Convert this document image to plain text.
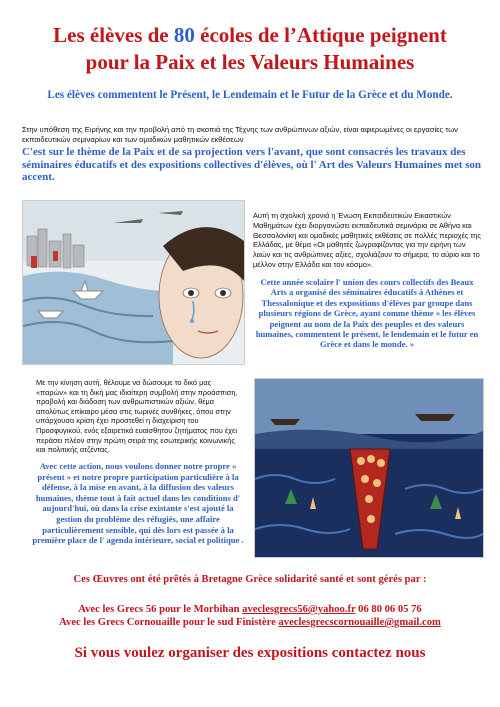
Les élèves de 80 écoles de l’Attique peignent
pour la Paix et les Valeurs Humaines
Les élèves commentent le Présent, le Lendemain et le Futur de la Grèce et du Monde.

Στην υπόθεση της Ειρήνης και την προβολή από τη σκοπιά της Τέχνης των ανθρώπινων αξιών, είναι αφιερωμένες οι εργασίες των εκπαιδευτικών σεμιναρίων και των ομαδικών μαθητικών εκθέσεων

C'est sur le thème de la Paix et de sa projection vers l'avant, que sont consacrés les travaux des séminaires éducatifs et des expositions collectives d'élèves, où l' Art des Valeurs Humaines met son accent.

Αυτή τη σχολική χρονιά η Ένωση Εκπαιδευτικών Εικαστικών Μαθημάτων έχει διοργανώσει εκπαιδευτικά σεμινάρια σε Αθήνα και Θεσσαλονίκη και ομαδικές μαθητικές εκθέσεις σε πολλές περιοχές της Ελλάδας, με θέμα «Οι μαθητές ζωγραφίζοντας για την ειρήνη των λαών και τις ανθρώπινες αξίες, σχολιάζουν το σήμερα, το αύριο και το μέλλον στην Ελλάδα και τον κόσμο».

Cette année scolaire l' union des cours collectifs des Beaux Arts a organisé des séminaires éducatifs à Athènes et Thessalonique et des expositions d'élèves par groupe dans plusieurs régions de Grèce, ayant comme thème « les élèves peignent au nom de la Paix des peuples et des valeurs humaines, commentent le présent, le lendemain et le futur en Grèce et dans le monde. »

Με την κίνηση αυτή, θέλουμε να δώσουμε το δικό μας «παρών» και τη δική μας ιδιαίτερη συμβολή στην προάσπιση, προβολή και διάδοση των ανθρωπιστικών αξιών, θέμα απολύτως επίκαιρο μέσα στις τωρινές συνθήκες, όπου στην υπάρχουσα κρίση έχει προστεθεί η διαχείριση του Προσφυγικού, ενός εξαιρετικά ευαίσθητου ζητήματος που έχει περάσει πλέον στην πρώτη σειρά της εσωτερικής κοινωνικής και πολιτικής ατζέντας.

Avec cette action, nous voulons donner notre propre « présent » et notre propre participation particulière à la défense, à la mise en avant, à la diffusion des valeurs humaines, thème tout à fait actuel dans les conditions d' aujourd'hui, où dans la crise existante s'est ajouté la gestion du problème des réfugiés, une affaire particulièrement sensible, qui dès lors est passée à la première place de l' agenda intérieure, social et politique .

Ces Œuvres ont été prêtés à Bretagne Grèce solidarité santé et sont gérés par :
Avec les Grecs 56 pour le Morbihan aveclesgrecs56@yahoo.fr 06 80 06 05 76
Avec les Grecs Cornouaille pour le sud Finistère aveclesgrecscornouaille@gmail.com
Si vous voulez organiser des expositions contactez nous
